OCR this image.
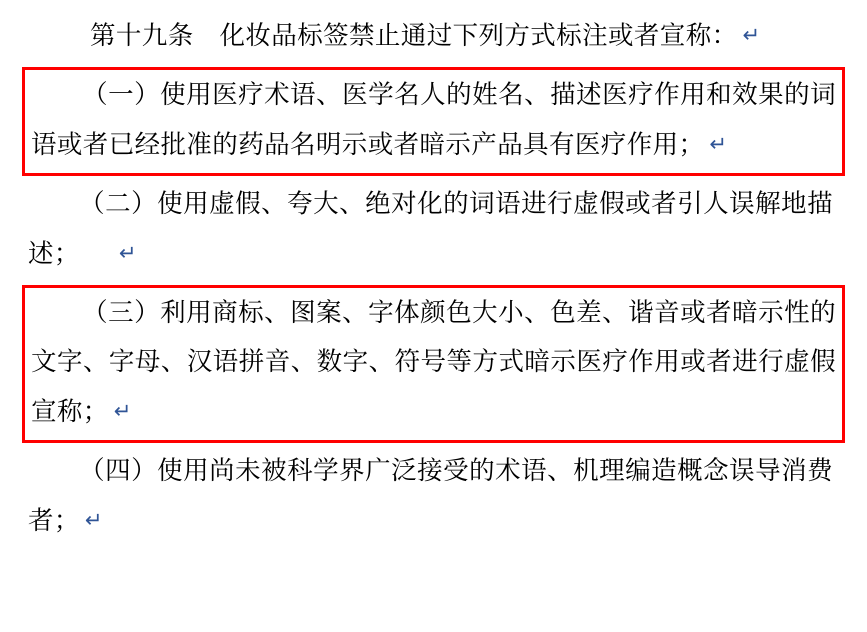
第十九条　化妆品标签禁止通过下列方式标注或者宣称： ↵
（一）使用医疗术语、医学名人的姓名、描述医疗作用和效果的词语或者已经批准的药品名明示或者暗示产品具有医疗作用； ↵
（二）使用虚假、夸大、绝对化的词语进行虚假或者引人误解地描述； ↵
（三）利用商标、图案、字体颜色大小、色差、谐音或者暗示性的文字、字母、汉语拼音、数字、符号等方式暗示医疗作用或者进行虚假宣称； ↵
（四）使用尚未被科学界广泛接受的术语、机理编造概念误导消费者； ↵
